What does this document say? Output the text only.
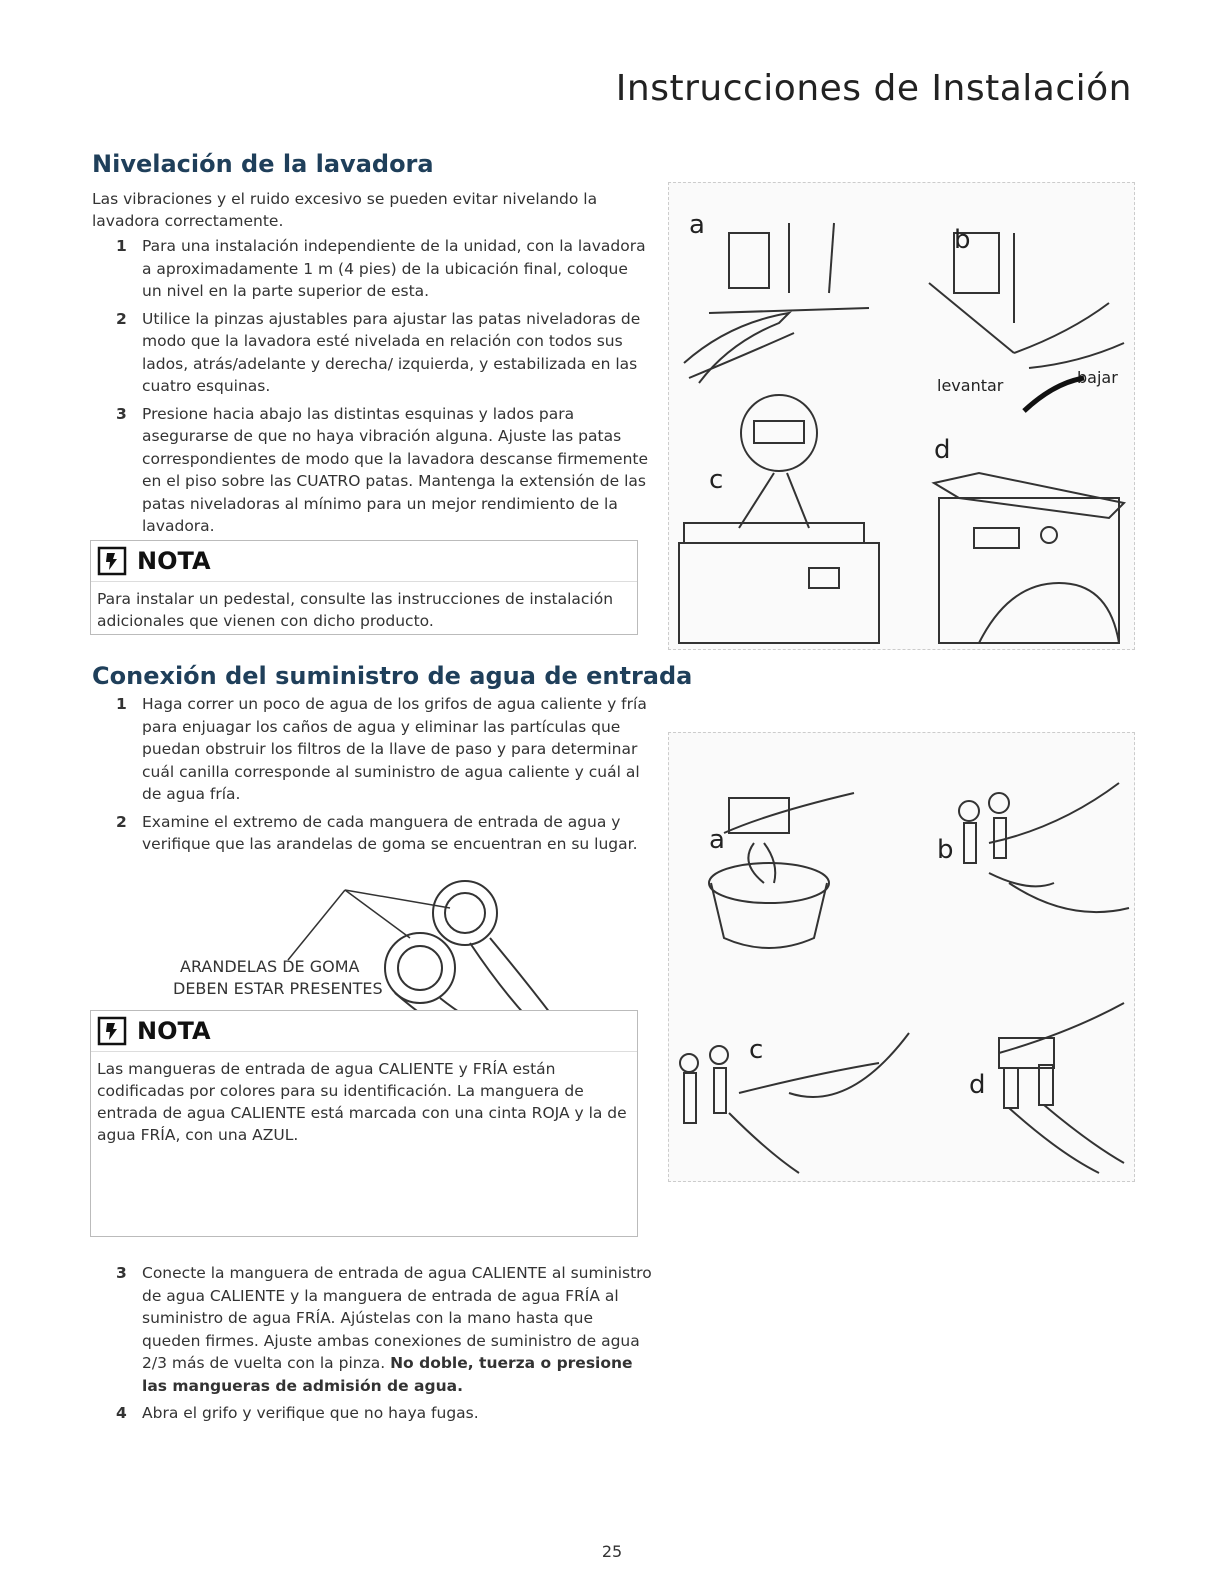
Instrucciones de Instalación
Nivelación de la lavadora
Las vibraciones y el ruido excesivo se pueden evitar nivelando la lavadora correctamente.
1 Para una instalación independiente de la unidad, con la lavadora a aproximadamente 1 m (4 pies) de la ubicación final, coloque un nivel en la parte superior de esta.
2 Utilice la pinzas ajustables para ajustar las patas niveladoras de modo que la lavadora esté nivelada en relación con todos sus lados, atrás/adelante y derecha/ izquierda, y estabilizada en las cuatro esquinas.
3 Presione hacia abajo las distintas esquinas y lados para asegurarse de que no haya vibración alguna. Ajuste las patas correspondientes de modo que la lavadora descanse firmemente en el piso sobre las CUATRO patas. Mantenga la extensión de las patas niveladoras al mínimo para un mejor rendimiento de la lavadora.
NOTA
Para instalar un pedestal, consulte las instrucciones de instalación adicionales que vienen con dicho producto.
a	b
levantar	bajar
c
d
Conexión del suministro de agua de entrada
1 Haga correr un poco de agua de los grifos de agua caliente y fría para enjuagar los caños de agua y eliminar las partículas que puedan obstruir los filtros de la llave de paso y para determinar cuál canilla corresponde al suministro de agua caliente y cuál al de agua fría.
2 Examine el extremo de cada manguera de entrada de agua y verifique que las arandelas de goma se encuentran en su lugar.
ARANDELAS DE GOMA
DEBEN ESTAR PRESENTES
NOTA
Las mangueras de entrada de agua CALIENTE y FRÍA están codificadas por colores para su identificación. La manguera de entrada de agua CALIENTE está marcada con una cinta ROJA y la de agua FRÍA, con una AZUL.
3 Conecte la manguera de entrada de agua CALIENTE al suministro de agua CALIENTE y la manguera de entrada de agua FRÍA al suministro de agua FRÍA. Ajústelas con la mano hasta que queden firmes. Ajuste ambas conexiones de suministro de agua 2/3 más de vuelta con la pinza. No doble, tuerza o presione las mangueras de admisión de agua.
4 Abra el grifo y verifique que no haya fugas.
a	b
c
d
25
